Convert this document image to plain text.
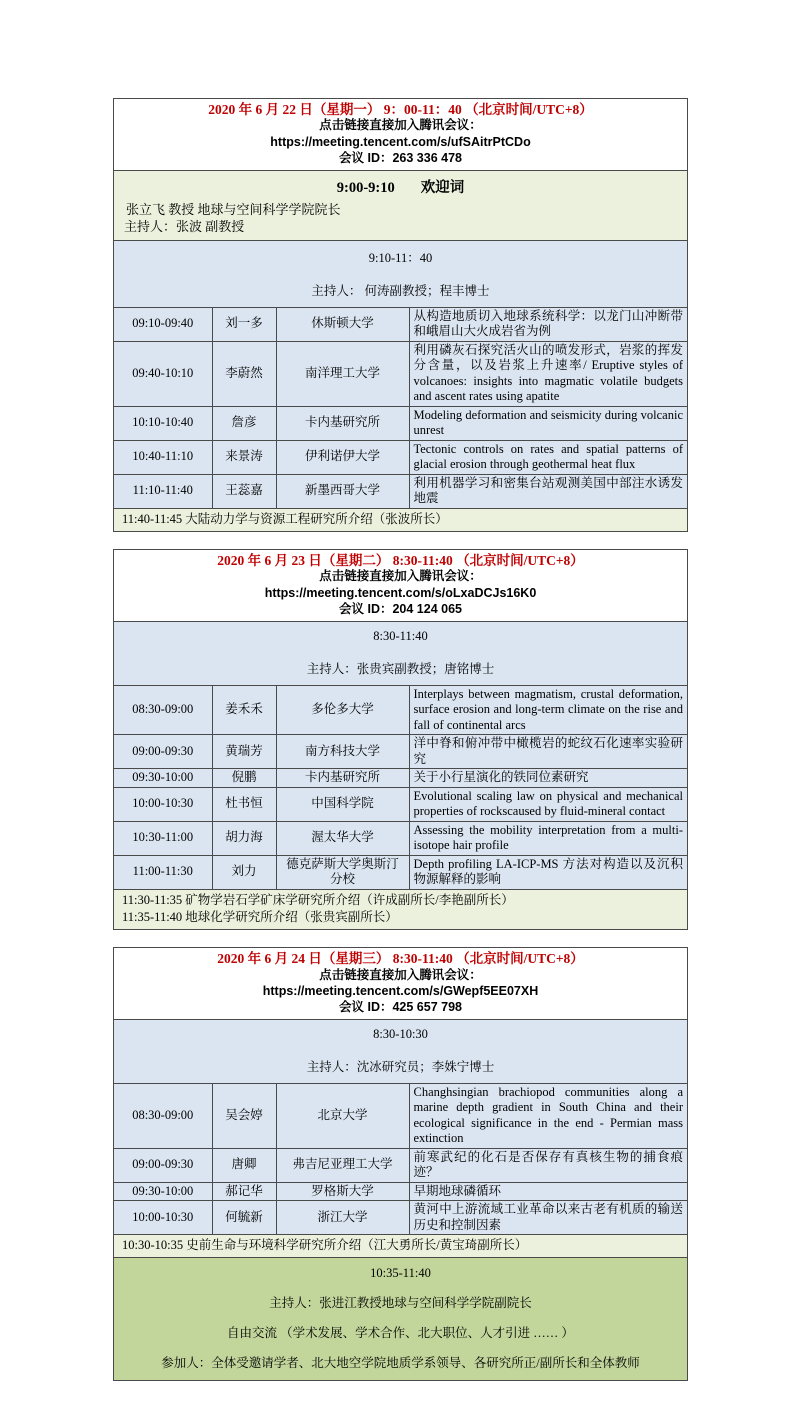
2020 年 6 月 22 日（星期一） 9：00-11：40 （北京时间/UTC+8）
点击链接直接加入腾讯会议：
https://meeting.tencent.com/s/ufSAitrPtCDo
会议 ID：263 336 478
9:00-9:10 欢迎词
张立飞 教授 地球与空间科学学院院长
主持人：张波 副教授
9:10-11：40
主持人： 何涛副教授；程丰博士
09:10-09:40	刘一多	休斯顿大学	从构造地质切入地球系统科学：以龙门山冲断带和峨眉山大火成岩省为例
09:40-10:10	李蔚然	南洋理工大学	利用磷灰石探究活火山的喷发形式，岩浆的挥发分含量，以及岩浆上升速率/ Eruptive styles of volcanoes: insights into magmatic volatile budgets and ascent rates using apatite
10:10-10:40	詹彦	卡内基研究所	Modeling deformation and seismicity during volcanic unrest
10:40-11:10	来景涛	伊利诺伊大学	Tectonic controls on rates and spatial patterns of glacial erosion through geothermal heat flux
11:10-11:40	王蕊嘉	新墨西哥大学	利用机器学习和密集台站观测美国中部注水诱发地震
11:40-11:45 大陆动力学与资源工程研究所介绍（张波所长）
2020 年 6 月 23 日（星期二） 8:30-11:40 （北京时间/UTC+8）
点击链接直接加入腾讯会议：
https://meeting.tencent.com/s/oLxaDCJs16K0
会议 ID：204 124 065
8:30-11:40
主持人：张贵宾副教授；唐铭博士
08:30-09:00	姜禾禾	多伦多大学	Interplays between magmatism, crustal deformation, surface erosion and long-term climate on the rise and fall of continental arcs
09:00-09:30	黄瑞芳	南方科技大学	洋中脊和俯冲带中橄榄岩的蛇纹石化速率实验研究
09:30-10:00	倪鹏	卡内基研究所	关于小行星演化的铁同位素研究
10:00-10:30	杜书恒	中国科学院	Evolutional scaling law on physical and mechanical properties of rockscaused by fluid-mineral contact
10:30-11:00	胡力海	渥太华大学	Assessing the mobility interpretation from a multi-isotope hair profile
11:00-11:30	刘力	德克萨斯大学奥斯汀分校	Depth profiling LA-ICP-MS 方法对构造以及沉积物源解释的影响
11:30-11:35 矿物学岩石学矿床学研究所介绍（许成副所长/李艳副所长）
11:35-11:40 地球化学研究所介绍（张贵宾副所长）
2020 年 6 月 24 日（星期三） 8:30-11:40 （北京时间/UTC+8）
点击链接直接加入腾讯会议：
https://meeting.tencent.com/s/GWepf5EE07XH
会议 ID：425 657 798
8:30-10:30
主持人：沈冰研究员；李姝宁博士
08:30-09:00	吴会婷	北京大学	Changhsingian brachiopod communities along a marine depth gradient in South China and their ecological significance in the end - Permian mass extinction
09:00-09:30	唐卿	弗吉尼亚理工大学	前寒武纪的化石是否保存有真核生物的捕食痕迹？
09:30-10:00	郝记华	罗格斯大学	早期地球磷循环
10:00-10:30	何毓新	浙江大学	黄河中上游流域工业革命以来古老有机质的输送历史和控制因素
10:30-10:35 史前生命与环境科学研究所介绍（江大勇所长/黄宝琦副所长）
10:35-11:40
主持人：张进江教授地球与空间科学学院副院长
自由交流 （学术发展、学术合作、北大职位、人才引进 …… ）
参加人：全体受邀请学者、北大地空学院地质学系领导、各研究所正/副所长和全体教师
